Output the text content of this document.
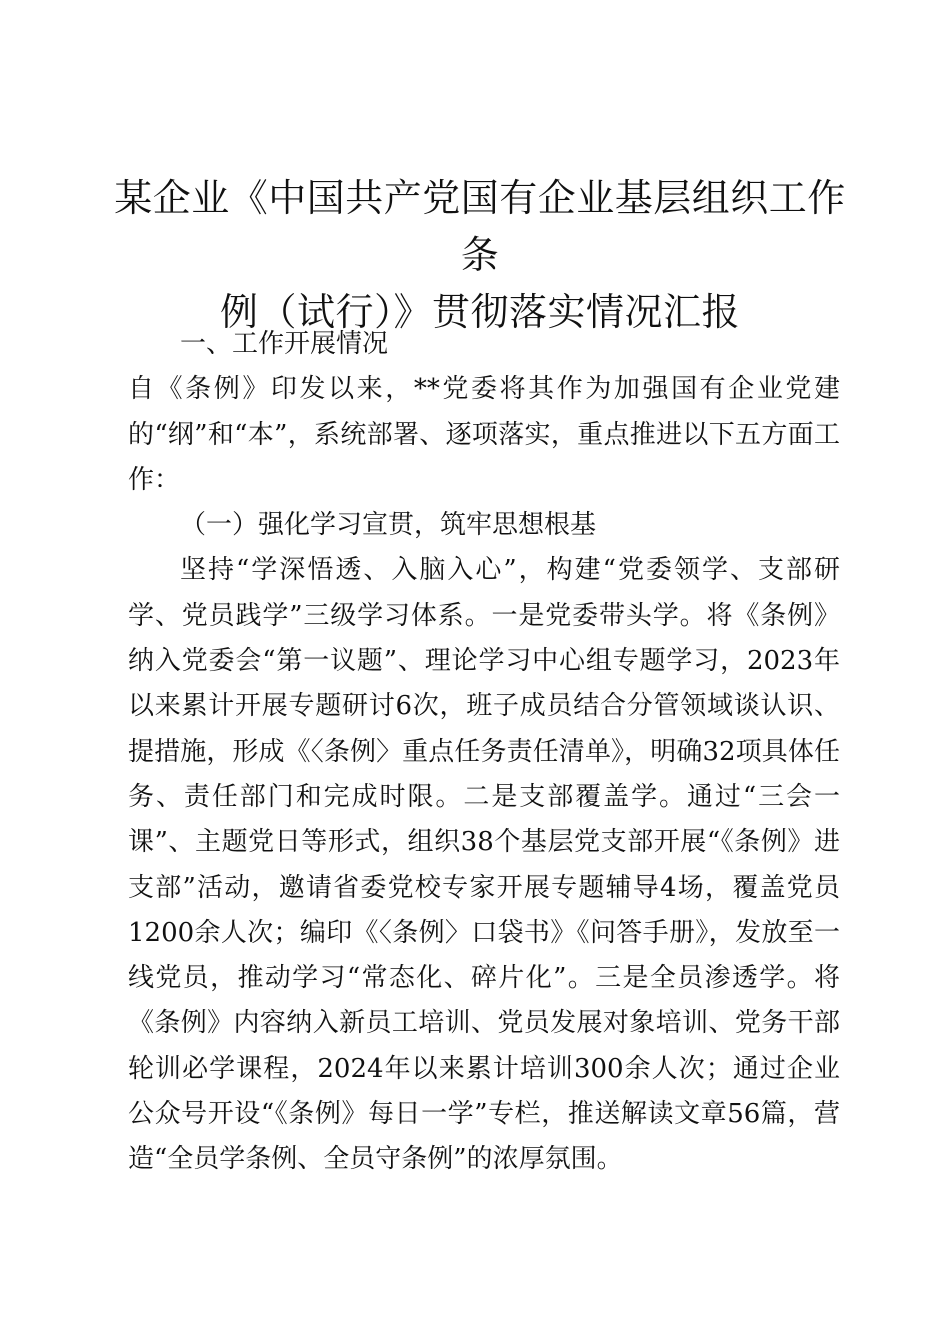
某企业《中国共产党国有企业基层组织工作条
例（试行）》贯彻落实情况汇报

一、工作开展情况

自《条例》印发以来，**党委将其作为加强国有企业党建的“纲”和“本”，系统部署、逐项落实，重点推进以下五方面工作：

（一）强化学习宣贯，筑牢思想根基

坚持“学深悟透、入脑入心”，构建“党委领学、支部研学、党员践学”三级学习体系。一是党委带头学。将《条例》纳入党委会“第一议题”、理论学习中心组专题学习，2023年以来累计开展专题研讨6次，班子成员结合分管领域谈认识、提措施，形成《〈条例〉重点任务责任清单》，明确32项具体任务、责任部门和完成时限。二是支部覆盖学。通过“三会一课”、主题党日等形式，组织38个基层党支部开展“《条例》进支部”活动，邀请省委党校专家开展专题辅导4场，覆盖党员1200余人次；编印《〈条例〉口袋书》《问答手册》，发放至一线党员，推动学习“常态化、碎片化”。三是全员渗透学。将《条例》内容纳入新员工培训、党员发展对象培训、党务干部轮训必学课程，2024年以来累计培训300余人次；通过企业公众号开设“《条例》每日一学”专栏，推送解读文章56篇，营造“全员学条例、全员守条例”的浓厚氛围。
